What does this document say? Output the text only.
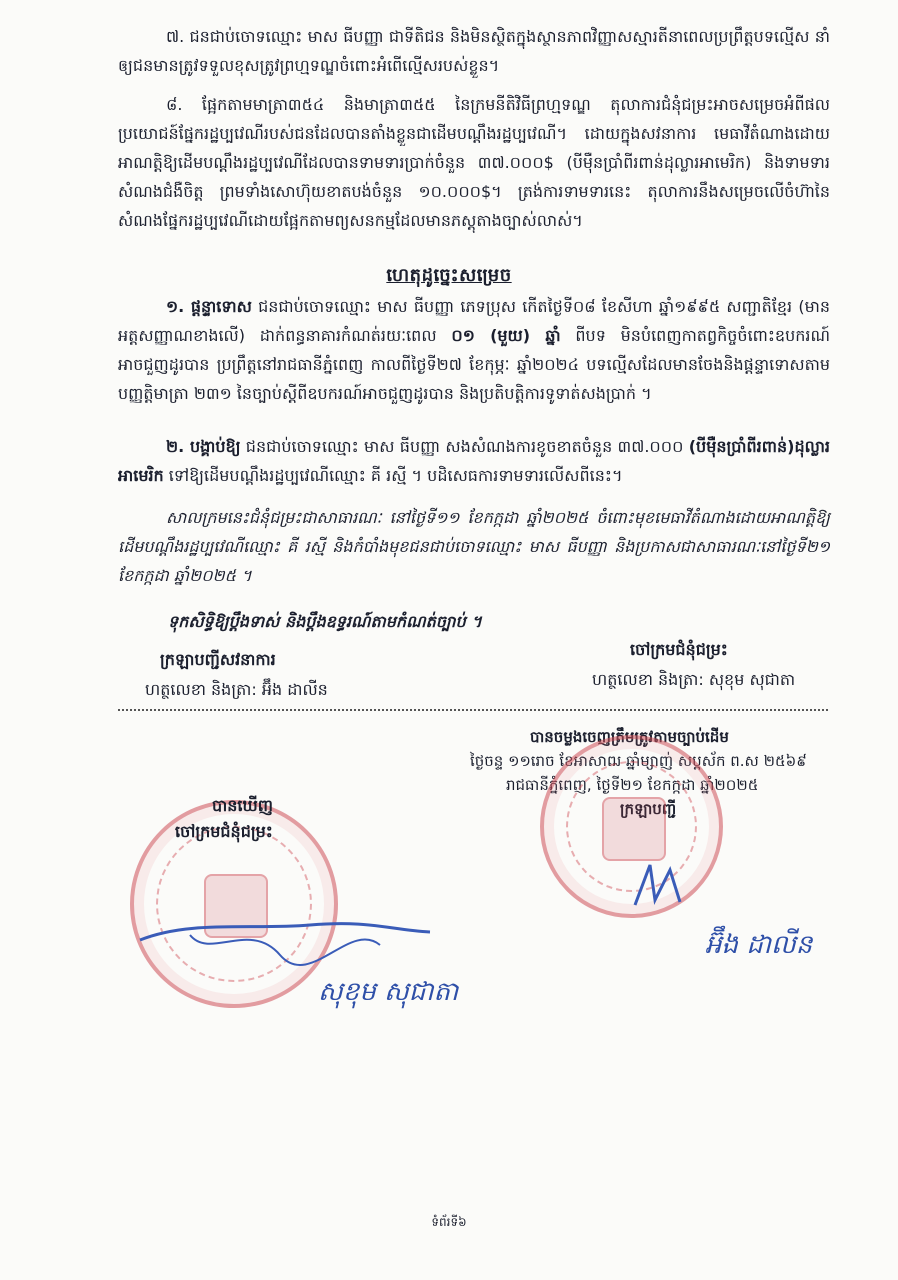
៧. ជនជាប់ចោទឈ្មោះ មាស ធីបញ្ញា ជាទីតិជន និងមិនស្ថិតក្នុងស្ថានភាពវិញ្ញាសស្មារតីនាពេលប្រព្រឹត្តបទល្មើស នាំឲ្យជនមានត្រូវទទួលខុសត្រូវព្រហ្មទណ្ឌចំពោះអំពើល្មើសរបស់ខ្លួន។

៨. ផ្អែកតាមមាត្រា៣៥៤ និងមាត្រា៣៥៥ នៃក្រមនីតិវិធីព្រហ្មទណ្ឌ តុលាការជំនុំជម្រះអាចសម្រេចអំពីផលប្រយោជន៍ផ្នែករដ្ឋប្បវេណីរបស់ជនដែលបានតាំងខ្លួនជាដើមបណ្តឹងរដ្ឋប្បវេណី។ ដោយក្នុងសវនាការ មេធាវីតំណាងដោយអាណត្តិឱ្យដើមបណ្តឹងរដ្ឋប្បវេណីដែលបានទាមទារប្រាក់ចំនួន ៣៧.០០០$ (បីម៉ឺនប្រាំពីរពាន់ដុល្លារអាមេរិក) និងទាមទារសំណងជំងឺចិត្ត ព្រមទាំងសោហ៊ុយខាតបង់ចំនួន ១០.០០០$។ ត្រង់ការទាមទារនេះ តុលាការនឹងសម្រេចលើចំហ៊ានៃសំណងផ្នែករដ្ឋប្បវេណីដោយផ្អែកតាមព្យសនកម្មដែលមានភស្តុតាងច្បាស់លាស់។

ហេតុដូច្នេះសម្រេច

១. ផ្តន្ទាទោស ជនជាប់ចោទឈ្មោះ មាស ធីបញ្ញា ភេទប្រុស កើតថ្ងៃទី០៨ ខែសីហា ឆ្នាំ១៩៩៥ សញ្ជាតិខ្មែរ (មានអត្តសញ្ញាណខាងលើ) ដាក់ពន្ធនាគារកំណត់រយៈពេល ០១ (មួយ) ឆ្នាំ ពីបទ មិនបំពេញកាតព្វកិច្ចចំពោះឧបករណ៍អាចជួញដូរបាន ប្រព្រឹត្តនៅរាជធានីភ្នំពេញ កាលពីថ្ងៃទី២៧ ខែកុម្ភៈ ឆ្នាំ២០២៤ បទល្មើសដែលមានចែងនិងផ្តន្ទាទោសតាមបញ្ញត្តិមាត្រា ២៣១ នៃច្បាប់ស្តីពីឧបករណ៍អាចជួញដូរបាន និងប្រតិបត្តិការទូទាត់សងប្រាក់ ។

២. បង្គាប់ឱ្យ ជនជាប់ចោទឈ្មោះ មាស ធីបញ្ញា សងសំណងការខូចខាតចំនួន ៣៧.០០០ (បីម៉ឺនប្រាំពីរពាន់)ដុល្លារអាមេរិក ទៅឱ្យដើមបណ្តឹងរដ្ឋប្បវេណីឈ្មោះ គី រស្មី ។ បដិសេធការទាមទារលើសពីនេះ។

សាលក្រមនេះជំនុំជម្រះជាសាធារណៈ នៅថ្ងៃទី១១ ខែកក្កដា ឆ្នាំ២០២៥ ចំពោះមុខមេធាវីតំណាងដោយអាណត្តិឱ្យដើមបណ្តឹងរដ្ឋប្បវេណីឈ្មោះ គី រស្មី និងកំបាំងមុខជនជាប់ចោទឈ្មោះ មាស ធីបញ្ញា និងប្រកាសជាសាធារណៈនៅថ្ងៃទី២១ ខែកក្កដា ឆ្នាំ២០២៥ ។

ទុកសិទ្ធិឱ្យប្តឹងទាស់ និងប្តឹងឧទ្ធរណ៍តាមកំណត់ច្បាប់ ។

ក្រឡាបញ្ជីសវនាការ

ហត្ថលេខា និងត្រា: អ៊ឹង ដាលីន

ចៅក្រមជំនុំជម្រះ

ហត្ថលេខា និងត្រា: សុខុម សុជាតា

បានចម្លងចេញត្រឹមត្រូវតាមច្បាប់ដើម
ថ្ងៃចន្ទ ១១រោច ខែអាសាឍ ឆ្នាំម្សាញ់ សប្តស័ក ព.ស ២៥៦៩
រាជធានីភ្នំពេញ, ថ្ងៃទី២១ ខែកក្កដា ឆ្នាំ២០២៥
ក្រឡាបញ្ជី

បានឃើញ

ចៅក្រមជំនុំជម្រះ

អ៊ឹង ដាលីន
សុខុម សុជាតា
ទំព័រទី៦
